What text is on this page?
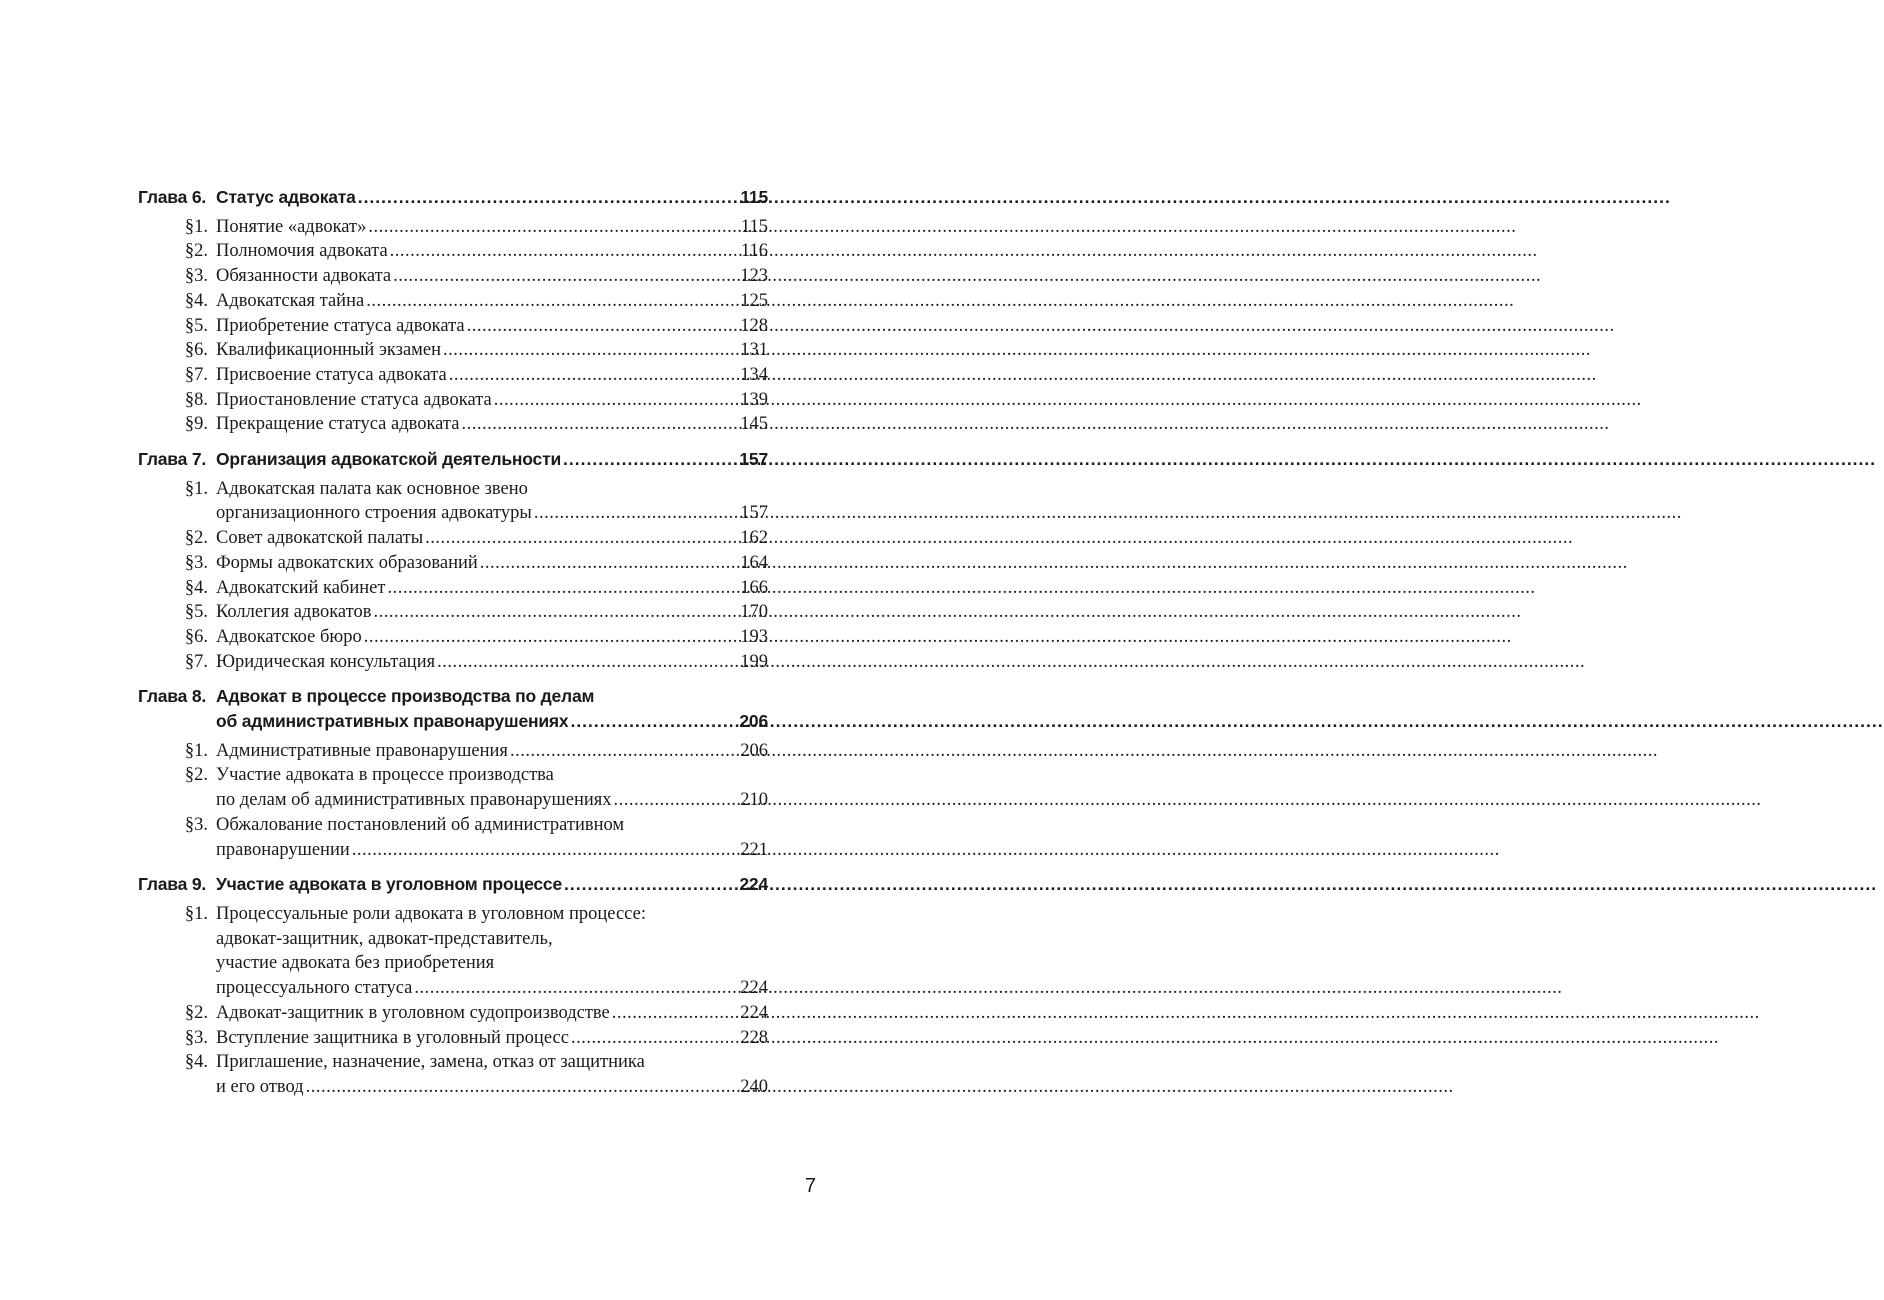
Глава 6. Статус адвоката .....	115
§1. Понятие «адвокат» .....	115
§2. Полномочия адвоката .....	116
§3. Обязанности адвоката .....	123
§4. Адвокатская тайна .....	125
§5. Приобретение статуса адвоката .....	128
§6. Квалификационный экзамен .....	131
§7. Присвоение статуса адвоката .....	134
§8. Приостановление статуса адвоката .....	139
§9. Прекращение статуса адвоката .....	145
Глава 7. Организация адвокатской деятельности .....	157
§1. Адвокатская палата как основное звено
организационного строения адвокатуры .....	157
§2. Совет адвокатской палаты .....	162
§3. Формы адвокатских образований .....	164
§4. Адвокатский кабинет .....	166
§5. Коллегия адвокатов .....	170
§6. Адвокатское бюро .....	193
§7. Юридическая консультация .....	199
Глава 8. Адвокат в процессе производства по делам
об административных правонарушениях .....	206
§1. Административные правонарушения .....	206
§2. Участие адвоката в процессе производства
по делам об административных правонарушениях .....	210
§3. Обжалование постановлений об административном
правонарушении .....	221
Глава 9. Участие адвоката в уголовном процессе .....	224
§1. Процессуальные роли адвоката в уголовном процессе:
адвокат-защитник, адвокат-представитель,
участие адвоката без приобретения
процессуального статуса .....	224
§2. Адвокат-защитник в уголовном судопроизводстве .....	224
§3. Вступление защитника в уголовный процесс .....	228
§4. Приглашение, назначение, замена, отказ от защитника
и его отвод .....	240
7
